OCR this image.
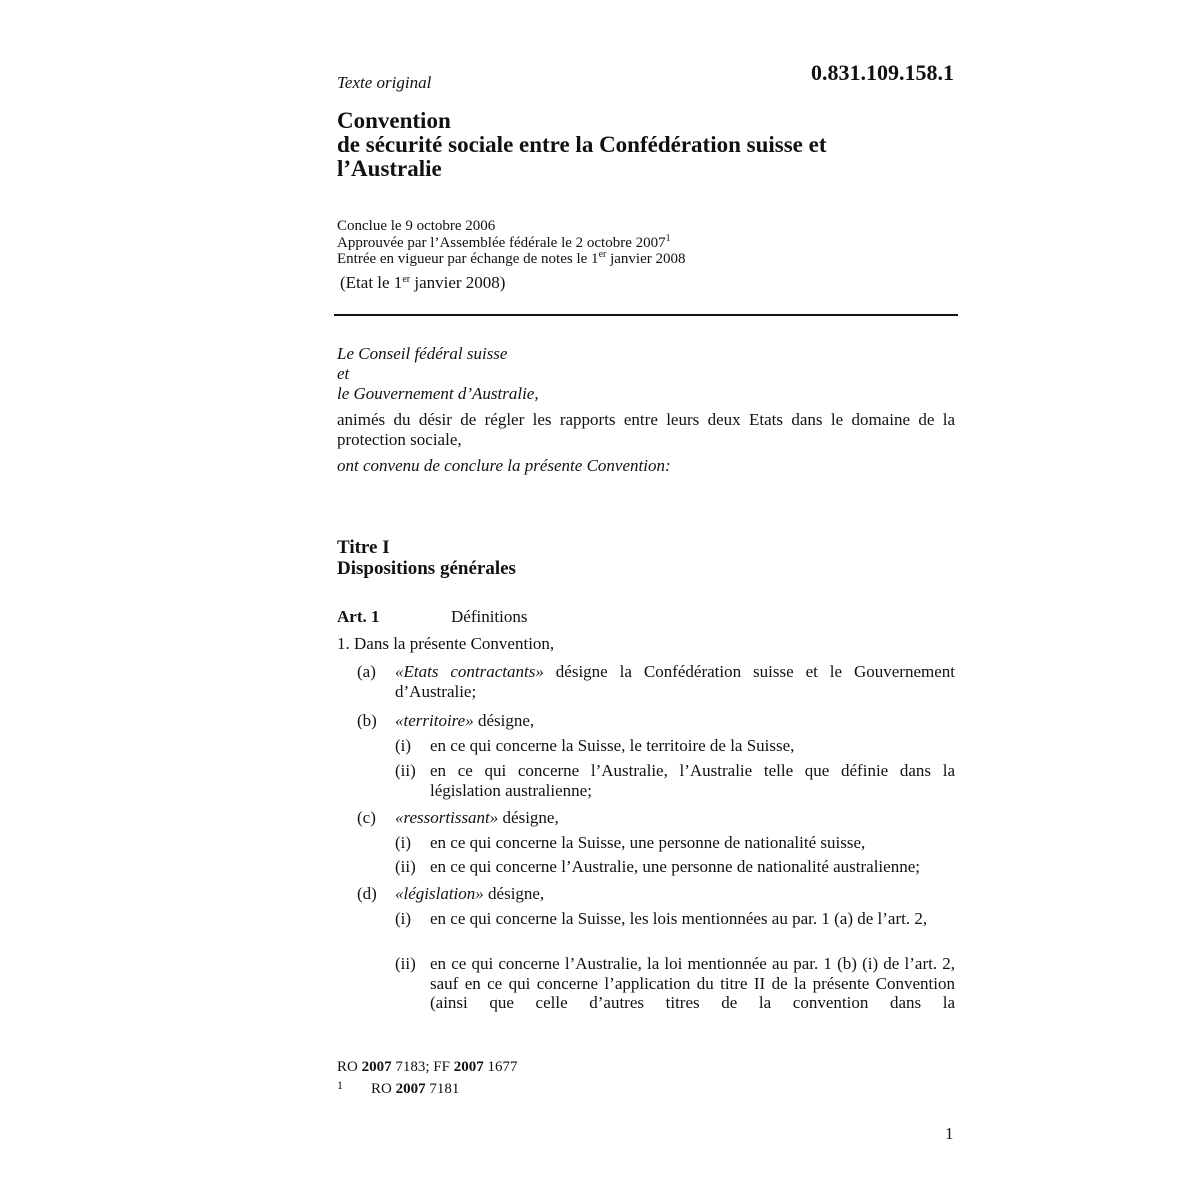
Texte original	0.831.109.158.1
Convention
de sécurité sociale entre la Confédération suisse et
l’Australie
Conclue le 9 octobre 2006
Approuvée par l’Assemblée fédérale le 2 octobre 2007$^1$
Entrée en vigueur par échange de notes le 1er janvier 2008
(Etat le 1er janvier 2008)

Le Conseil fédéral suisse

et

le Gouvernement d’Australie,

animés du désir de régler les rapports entre leurs deux Etats dans le domaine de la protection sociale,

ont convenu de conclure la présente Convention:

Titre I
Dispositions générales
Art. 1	Définitions
1. Dans la présente Convention,
(a) «Etats contractants» désigne la Confédération suisse et le Gouvernement d’Australie;
(b) «territoire» désigne,
(i) en ce qui concerne la Suisse, le territoire de la Suisse,
(ii) en ce qui concerne l’Australie, l’Australie telle que définie dans la législation australienne;
(c) «ressortissant» désigne,
(i) en ce qui concerne la Suisse, une personne de nationalité suisse,
(ii) en ce qui concerne l’Australie, une personne de nationalité australienne;
(d) «législation» désigne,
(i) en ce qui concerne la Suisse, les lois mentionnées au par. 1 (a) de l’art. 2,
(ii) en ce qui concerne l’Australie, la loi mentionnée au par. 1 (b) (i) de l’art. 2, sauf en ce qui concerne l’application du titre II de la présente Convention (ainsi que celle d’autres titres de la convention dans la
RO 2007 7183; FF 2007 1677
1 RO 2007 7181
1
